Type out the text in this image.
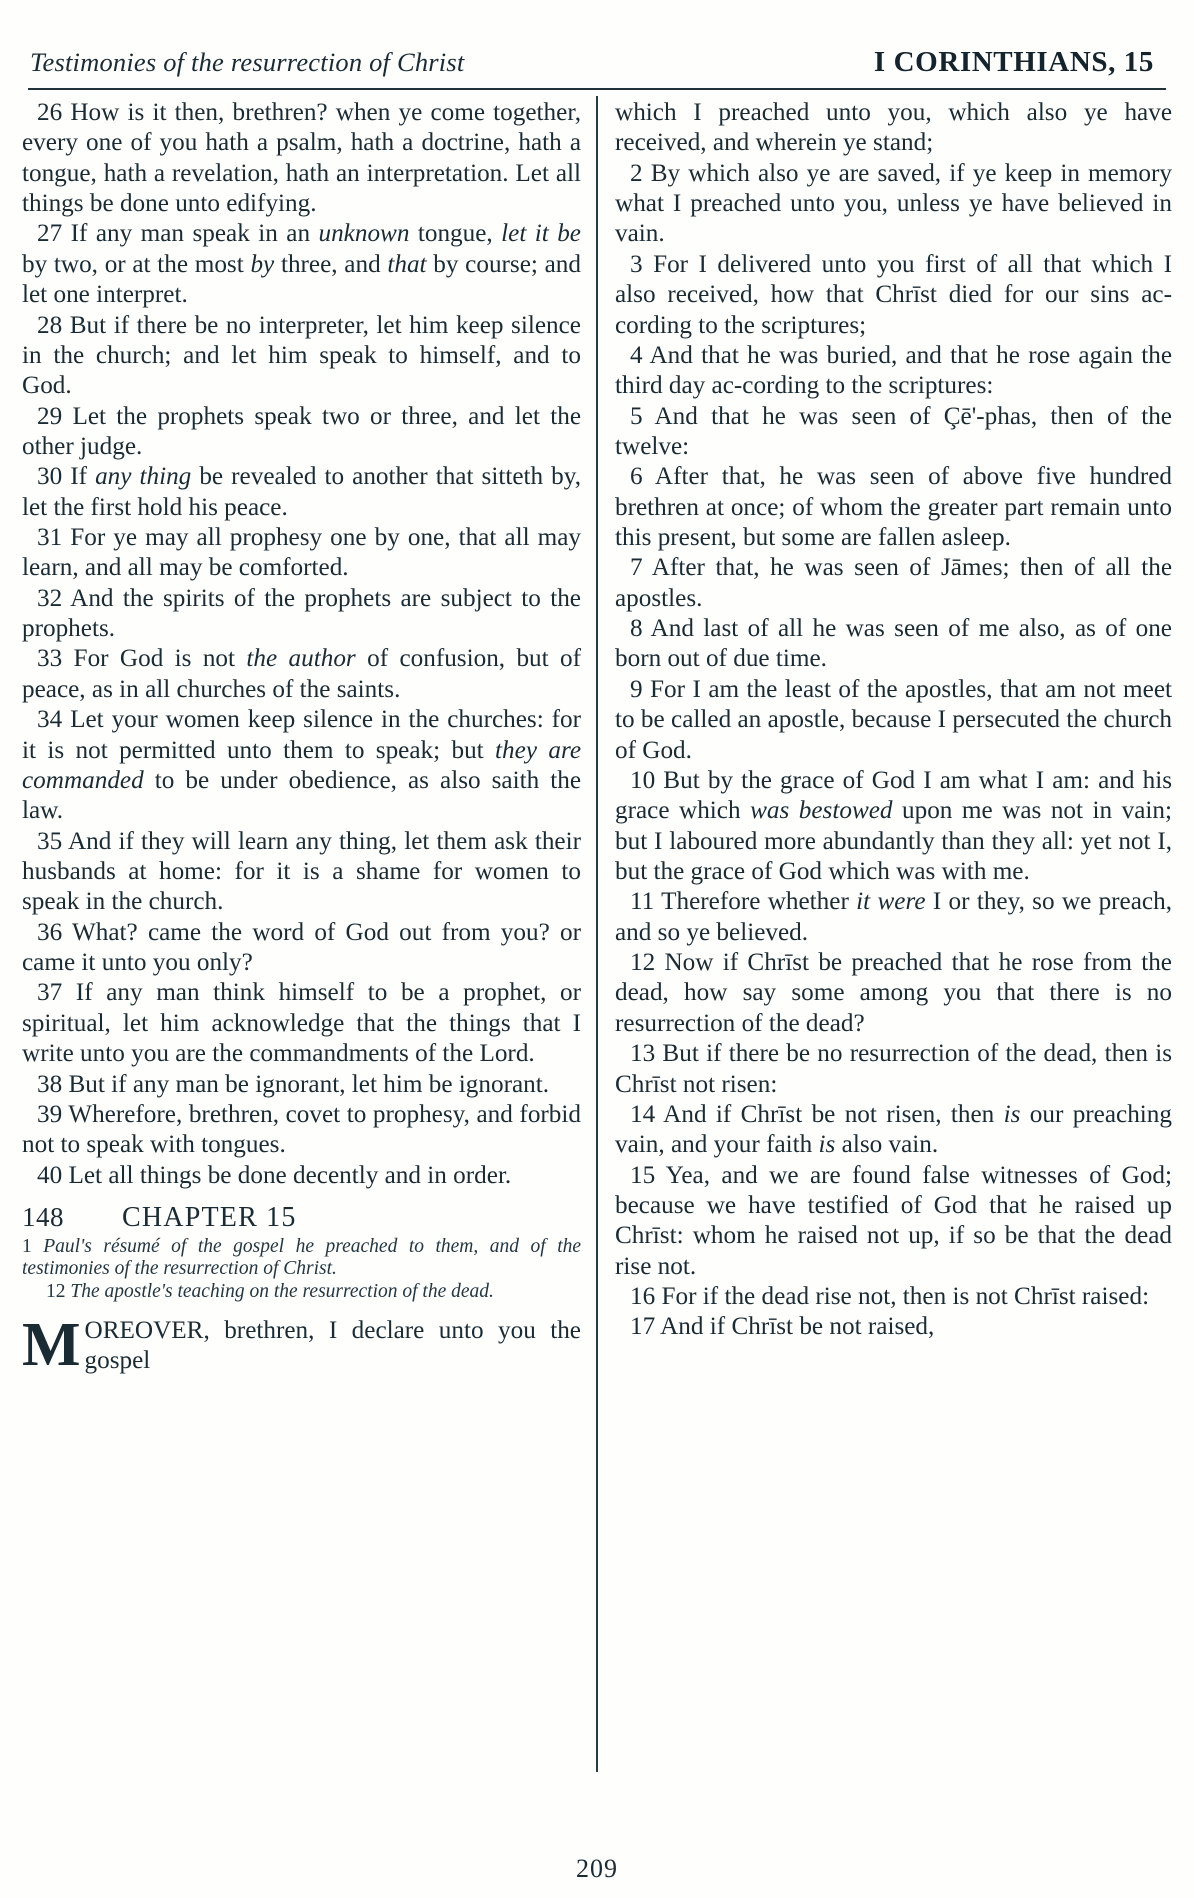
Testimonies of the resurrection of Christ	I CORINTHIANS, 15

26 How is it then, brethren? when ye come together, every one of you hath a psalm, hath a doctrine, hath a tongue, hath a revelation, hath an interpretation. Let all things be done unto edifying.

27 If any man speak in an unknown tongue, let it be by two, or at the most by three, and that by course; and let one interpret.

28 But if there be no interpreter, let him keep silence in the church; and let him speak to himself, and to God.

29 Let the prophets speak two or three, and let the other judge.

30 If any thing be revealed to another that sitteth by, let the first hold his peace.

31 For ye may all prophesy one by one, that all may learn, and all may be comforted.

32 And the spirits of the prophets are subject to the prophets.

33 For God is not the author of confusion, but of peace, as in all churches of the saints.

34 Let your women keep silence in the churches: for it is not permitted unto them to speak; but they are commanded to be under obedience, as also saith the law.

35 And if they will learn any thing, let them ask their husbands at home: for it is a shame for women to speak in the church.

36 What? came the word of God out from you? or came it unto you only?

37 If any man think himself to be a prophet, or spiritual, let him acknowledge that the things that I write unto you are the commandments of the Lord.

38 But if any man be ignorant, let him be ignorant.

39 Wherefore, brethren, covet to prophesy, and forbid not to speak with tongues.

40 Let all things be done decently and in order.

148 CHAPTER 15

1 Paul's résumé of the gospel he preached to them, and of the testimonies of the resurrection of Christ.

12 The apostle's teaching on the resurrection of the dead.

MOREOVER, brethren, I declare unto you the gospel

which I preached unto you, which also ye have received, and wherein ye stand;

2 By which also ye are saved, if ye keep in memory what I preached unto you, unless ye have believed in vain.

3 For I delivered unto you first of all that which I also received, how that Chrīst died for our sins ac-cording to the scriptures;

4 And that he was buried, and that he rose again the third day ac-cording to the scriptures:

5 And that he was seen of Çē'-phas, then of the twelve:

6 After that, he was seen of above five hundred brethren at once; of whom the greater part remain unto this present, but some are fallen asleep.

7 After that, he was seen of Jāmes; then of all the apostles.

8 And last of all he was seen of me also, as of one born out of due time.

9 For I am the least of the apostles, that am not meet to be called an apostle, because I persecuted the church of God.

10 But by the grace of God I am what I am: and his grace which was bestowed upon me was not in vain; but I laboured more abundantly than they all: yet not I, but the grace of God which was with me.

11 Therefore whether it were I or they, so we preach, and so ye believed.

12 Now if Chrīst be preached that he rose from the dead, how say some among you that there is no resurrection of the dead?

13 But if there be no resurrection of the dead, then is Chrīst not risen:

14 And if Chrīst be not risen, then is our preaching vain, and your faith is also vain.

15 Yea, and we are found false witnesses of God; because we have testified of God that he raised up Chrīst: whom he raised not up, if so be that the dead rise not.

16 For if the dead rise not, then is not Chrīst raised:

17 And if Chrīst be not raised,

209
